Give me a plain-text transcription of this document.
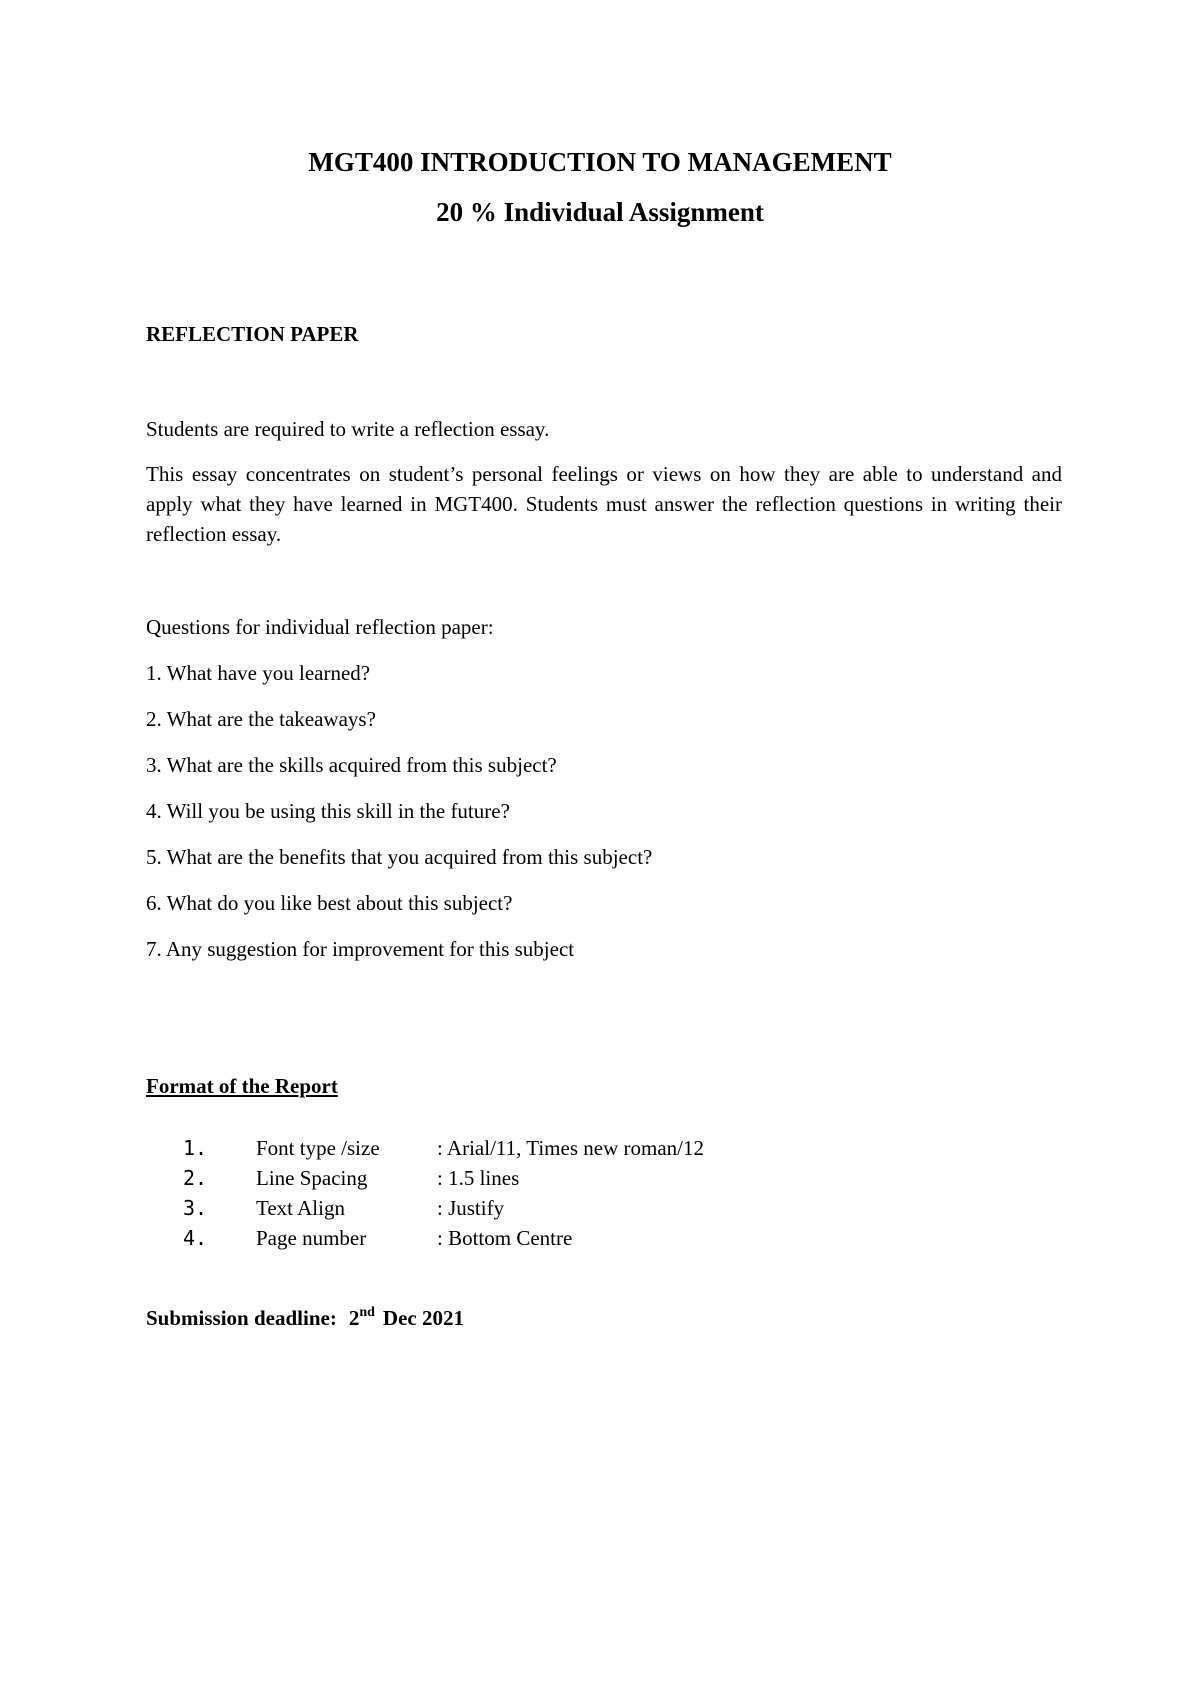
MGT400 INTRODUCTION TO MANAGEMENT
20 % Individual Assignment
REFLECTION PAPER
Students are required to write a reflection essay.
This essay concentrates on student’s personal feelings or views on how they are able to understand and apply what they have learned in MGT400. Students must answer the reflection questions in writing their reflection essay.
Questions for individual reflection paper:
1. What have you learned?
2. What are the takeaways?
3. What are the skills acquired from this subject?
4. Will you be using this skill in the future?
5. What are the benefits that you acquired from this subject?
6. What do you like best about this subject?
7. Any suggestion for improvement for this subject
Format of the Report
1. Font type /size	: Arial/11, Times new roman/12
2. Line Spacing	: 1.5 lines
3. Text Align	: Justify
4. Page number	: Bottom Centre
Submission deadline: 2nd Dec 2021
